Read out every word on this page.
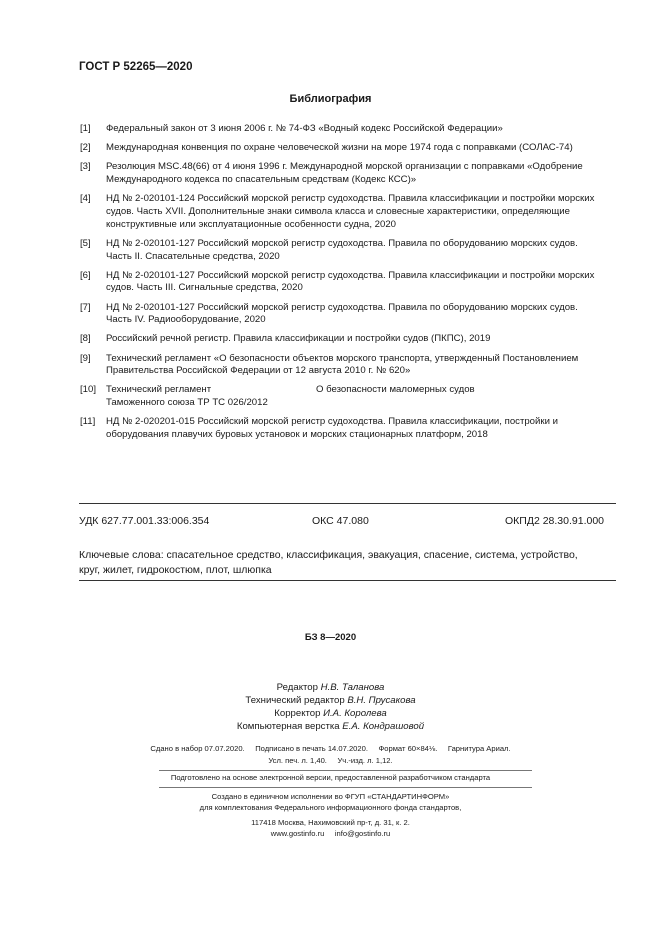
ГОСТ Р 52265—2020
Библиография
[1]	Федеральный закон от 3 июня 2006 г. № 74-ФЗ «Водный кодекс Российской Федерации»
[2]	Международная конвенция по охране человеческой жизни на море 1974 года с поправками (СОЛАС-74)
[3]	Резолюция MSC.48(66) от 4 июня 1996 г. Международной морской организации с поправками «Одобрение
Международного кодекса по спасательным средствам (Кодекс КСС)»
[4]	НД № 2-020101-124 Российский морской регистр судоходства. Правила классификации и постройки морских
судов. Часть XVII. Дополнительные знаки символа класса и словесные характеристики, определяющие
конструктивные или эксплуатационные особенности судна, 2020
[5]	НД № 2-020101-127 Российский морской регистр судоходства. Правила по оборудованию морских судов.
Часть II. Спасательные средства, 2020
[6]	НД № 2-020101-127 Российский морской регистр судоходства. Правила классификации и постройки морских
судов. Часть III. Сигнальные средства, 2020
[7]	НД № 2-020101-127 Российский морской регистр судоходства. Правила по оборудованию морских судов.
Часть IV. Радиооборудование, 2020
[8]	Российский речной регистр. Правила классификации и постройки судов (ПКПС), 2019
[9]	Технический регламент «О безопасности объектов морского транспорта, утвержденный Постановлением
Правительства Российской Федерации от 12 августа 2010 г. № 620»
[10]	Технический регламент	О безопасности маломерных судов
Таможенного союза ТР ТС 026/2012
[11]	НД № 2-020201-015 Российский морской регистр судоходства. Правила классификации, постройки и
оборудования плавучих буровых установок и морских стационарных платформ, 2018
УДК 627.77.001.33:006.354	ОКС 47.080	ОКПД2 28.30.91.000
Ключевые слова: спасательное средство, классификация, эвакуация, спасение, система, устройство,
круг, жилет, гидрокостюм, плот, шлюпка
БЗ 8—2020
Редактор Н.В. Таланова
Технический редактор В.Н. Прусакова
Корректор И.А. Королева
Компьютерная верстка Е.А. Кондрашовой
Сдано в набор 07.07.2020.     Подписано в печать 14.07.2020.     Формат 60×84⅛.     Гарнитура Ариал.
Усл. печ. л. 1,40.     Уч.-изд. л. 1,12.
Подготовлено на основе электронной версии, предоставленной разработчиком стандарта
Создано в единичном исполнении во ФГУП «СТАНДАРТИНФОРМ»
для комплектования Федерального информационного фонда стандартов,
117418 Москва, Нахимовский пр-т, д. 31, к. 2.
www.gostinfo.ru     info@gostinfo.ru
